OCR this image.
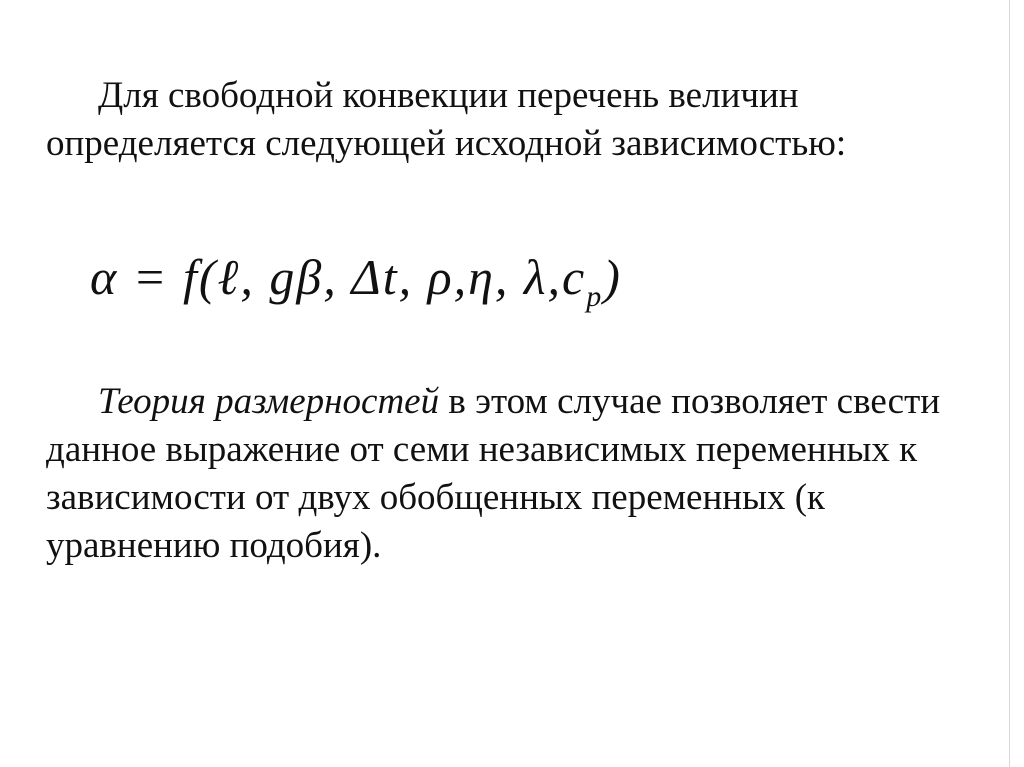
Для свободной конвекции перечень величин
определяется следующей исходной зависимостью:
α = f(ℓ, gβ, Δt, ρ,η, $\lambda,c_p$)
Теория размерностей в этом случае позволяет свести
данное выражение от семи независимых переменных к
зависимости от двух обобщенных переменных (к
уравнению подобия).
